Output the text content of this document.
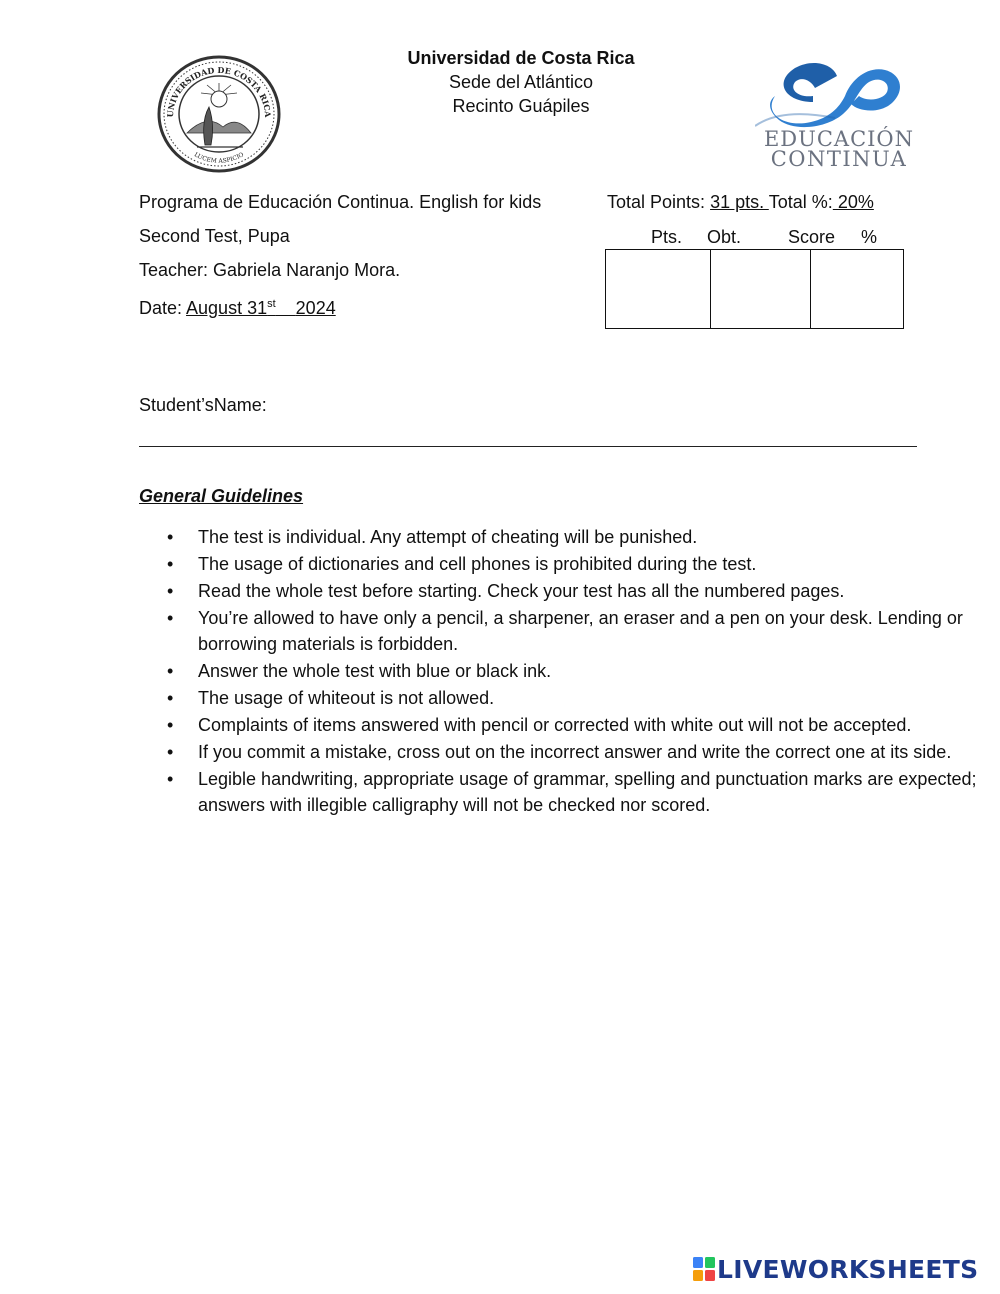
UNIVERSIDAD DE COSTA RICA
LUCEM ASPICIO
Universidad de Costa Rica
Sede del Atlántico
Recinto Guápiles
EDUCACIÓN
CONTINUA
Programa de Educación Continua. English for kids
Second Test, Pupa
Teacher: Gabriela Naranjo Mora.
Date: August 31st 2024
Total Points: 31 pts. Total %: 20%
Pts. Obt.	Score %
Student’sName:
General Guidelines
• The test is individual. Any attempt of cheating will be punished.
• The usage of dictionaries and cell phones is prohibited during the test.
• Read the whole test before starting. Check your test has all the numbered pages.
• You’re allowed to have only a pencil, a sharpener, an eraser and a pen on your desk. Lending or borrowing materials is forbidden.
• Answer the whole test with blue or black ink.
• The usage of whiteout is not allowed.
• Complaints of items answered with pencil or corrected with white out will not be accepted.
• If you commit a mistake, cross out on the incorrect answer and write the correct one at its side.
• Legible handwriting, appropriate usage of grammar, spelling and punctuation marks are expected; answers with illegible calligraphy will not be checked nor scored.
LIVEWORKSHEETS
